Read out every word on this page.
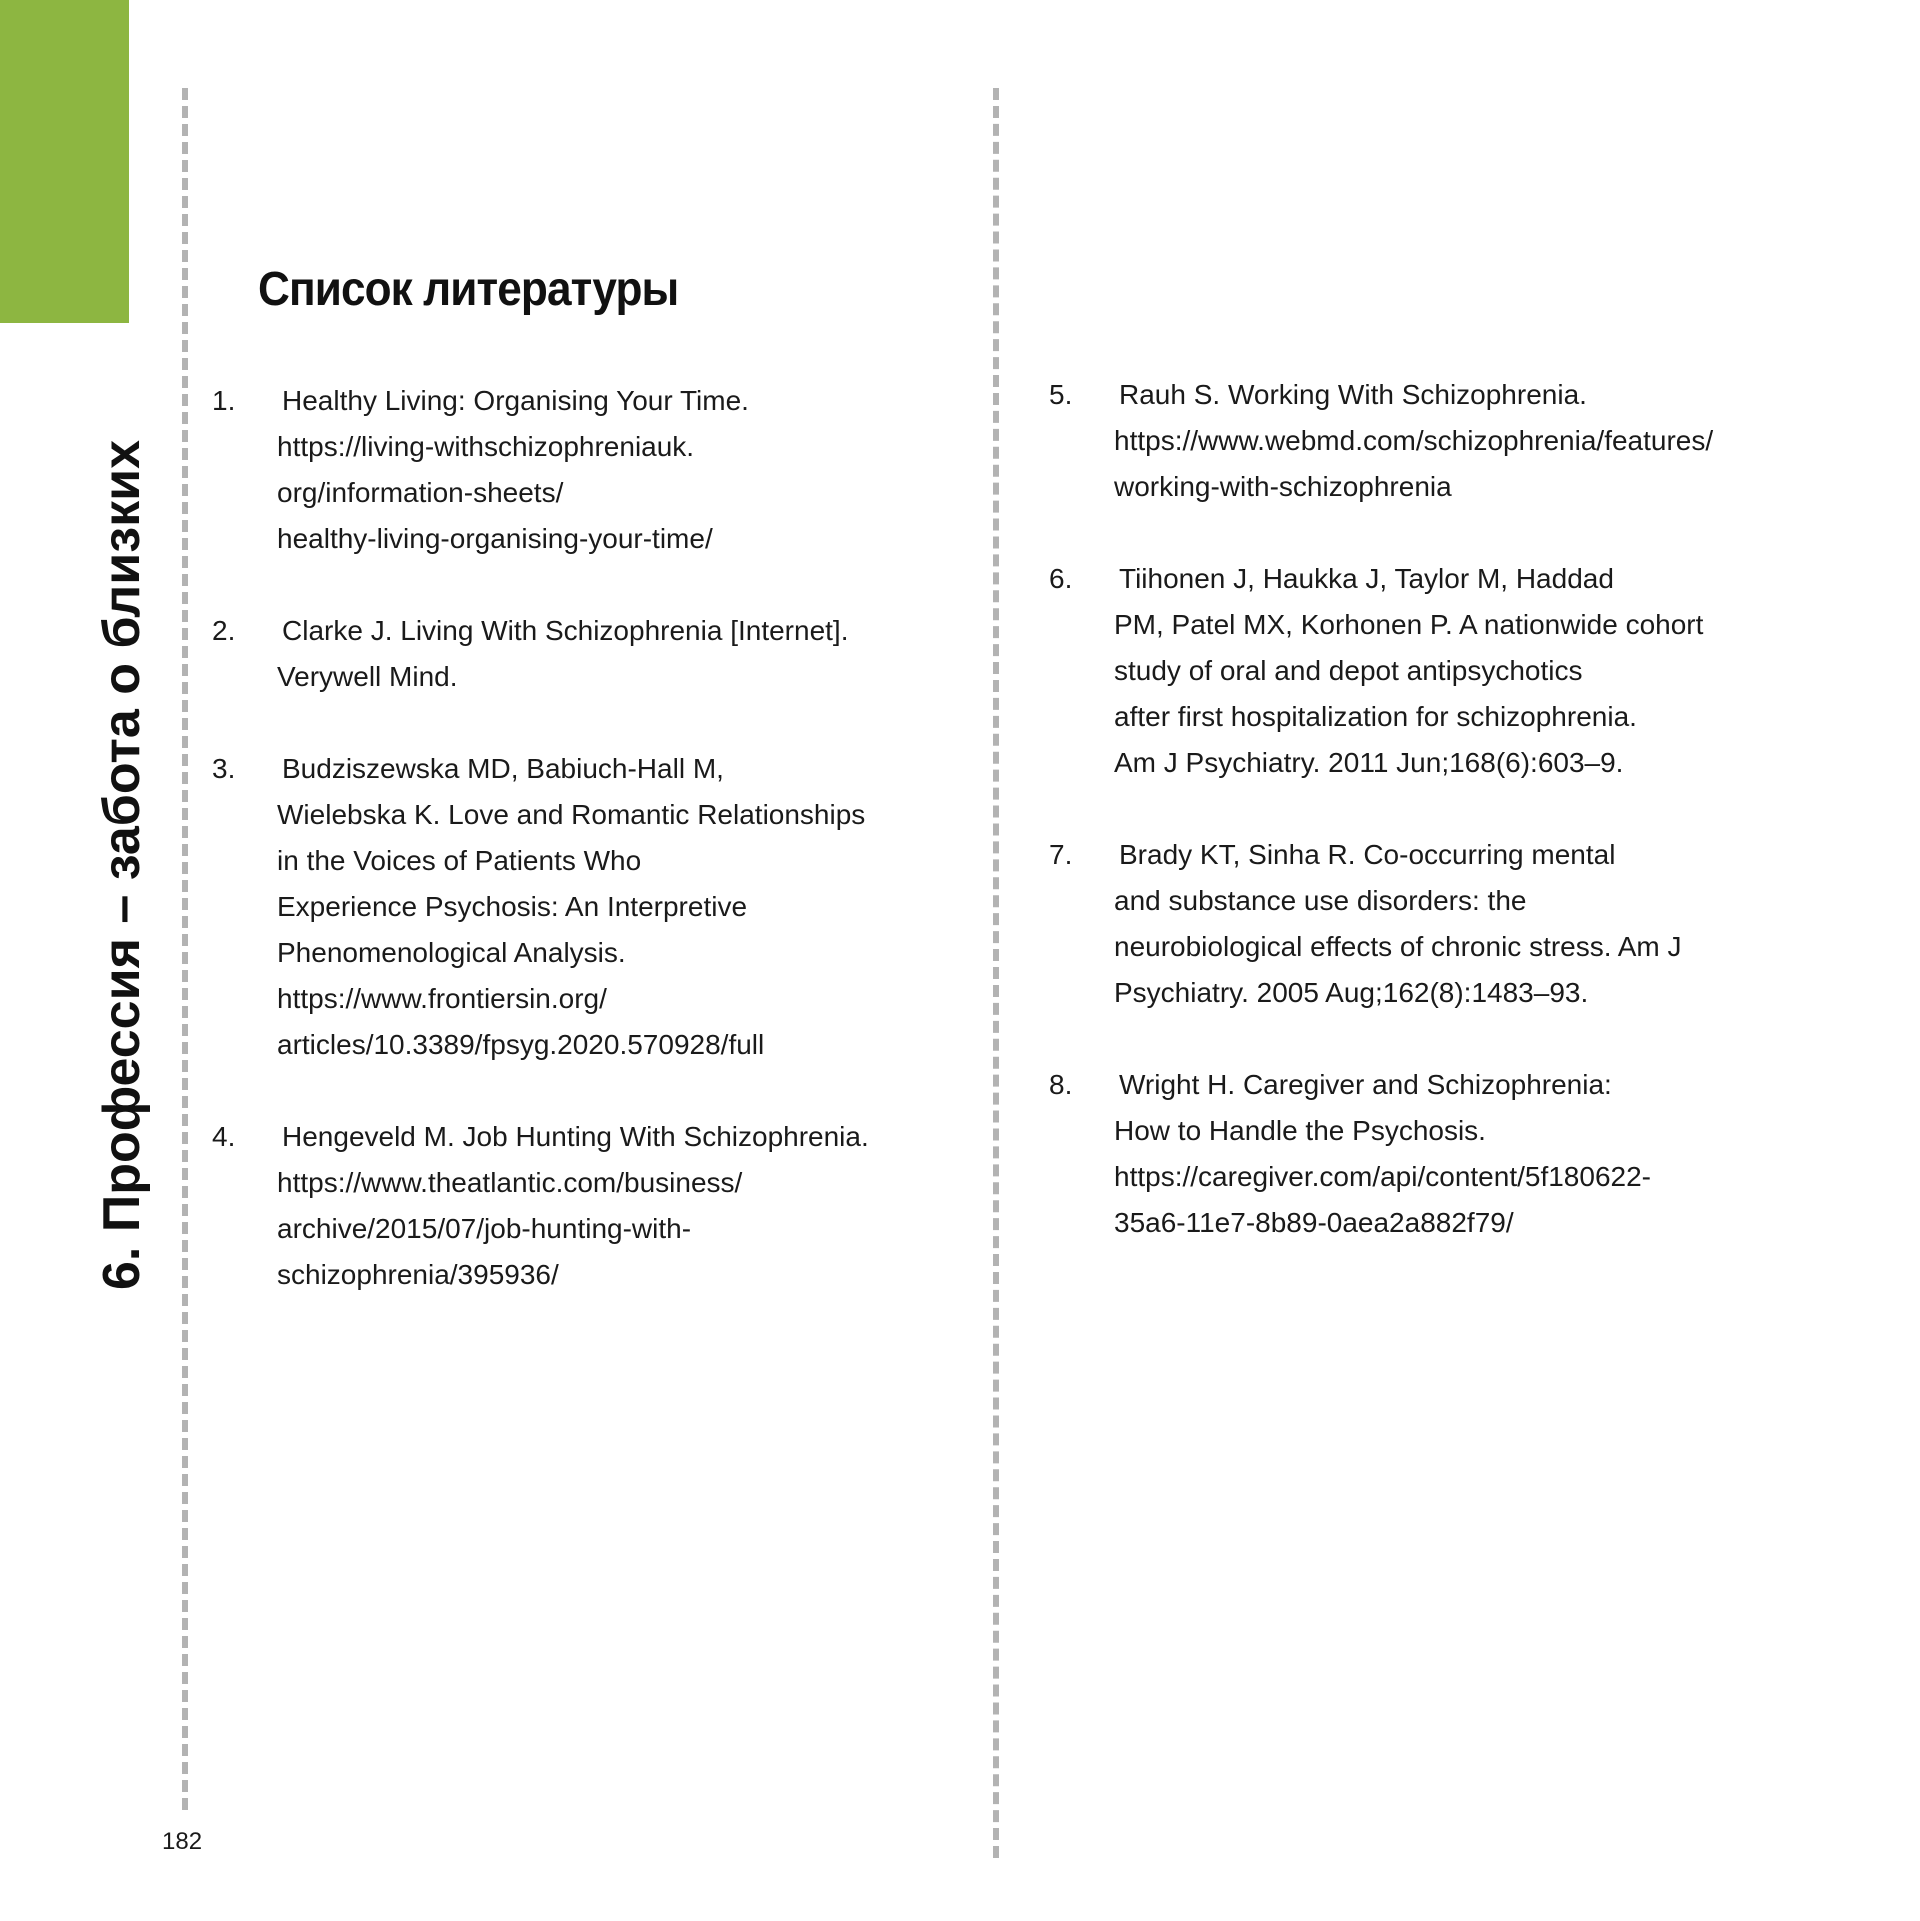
6. Профессия – забота о близких
Список литературы
1. Healthy Living: Organising Your Time.
https://living-withschizophreniauk.
org/information-sheets/
healthy-living-organising-your-time/
2. Clarke J. Living With Schizophrenia [Internet].
Verywell Mind.
3. Budziszewska MD, Babiuch-Hall M,
Wielebska K. Love and Romantic Relationships
in the Voices of Patients Who
Experience Psychosis: An Interpretive
Phenomenological Analysis.
https://www.frontiersin.org/
articles/10.3389/fpsyg.2020.570928/full
4. Hengeveld M. Job Hunting With Schizophrenia.
https://www.theatlantic.com/business/
archive/2015/07/job-hunting-with-
schizophrenia/395936/
5. Rauh S. Working With Schizophrenia.
https://www.webmd.com/schizophrenia/features/
working-with-schizophrenia
6. Tiihonen J, Haukka J, Taylor M, Haddad
PM, Patel MX, Korhonen P. A nationwide cohort
study of oral and depot antipsychotics
after first hospitalization for schizophrenia.
Am J Psychiatry. 2011 Jun;168(6):603–9.
7. Brady KT, Sinha R. Co-occurring mental
and substance use disorders: the
neurobiological effects of chronic stress. Am J
Psychiatry. 2005 Aug;162(8):1483–93.
8. Wright H. Caregiver and Schizophrenia:
How to Handle the Psychosis.
https://caregiver.com/api/content/5f180622-
35a6-11e7-8b89-0aea2a882f79/
182
